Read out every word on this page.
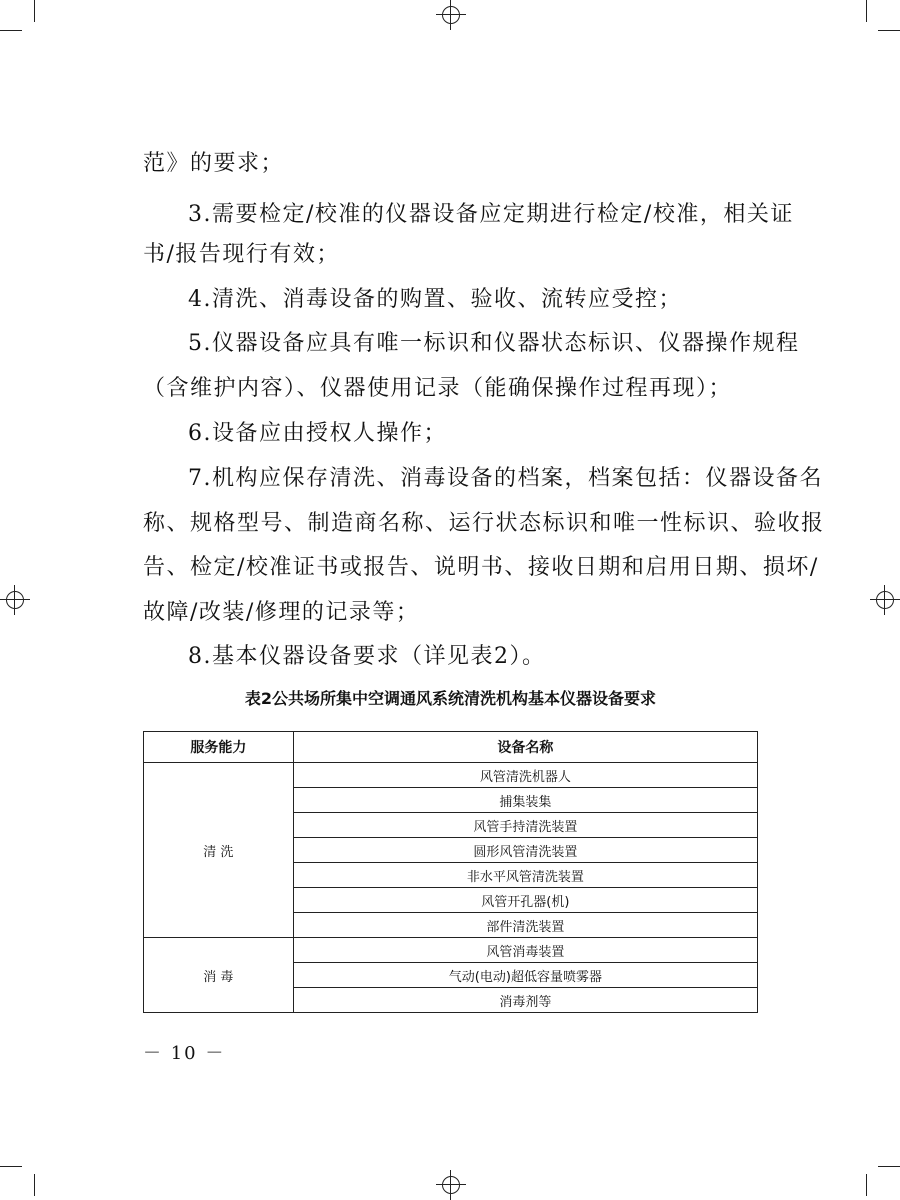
范》的要求；
3.需要检定/校准的仪器设备应定期进行检定/校准，相关证
书/报告现行有效；
4.清洗、消毒设备的购置、验收、流转应受控；
5.仪器设备应具有唯一标识和仪器状态标识、仪器操作规程
（含维护内容）、仪器使用记录（能确保操作过程再现）；
6.设备应由授权人操作；
7.机构应保存清洗、消毒设备的档案，档案包括：仪器设备名
称、规格型号、制造商名称、运行状态标识和唯一性标识、验收报
告、检定/校准证书或报告、说明书、接收日期和启用日期、损坏/
故障/改装/修理的记录等；
8.基本仪器设备要求（详见表2）。
表2公共场所集中空调通风系统清洗机构基本仪器设备要求
服务能力	设备名称
清 洗	风管清洗机器人
	捕集装集
	风管手持清洗装置
	圆形风管清洗装置
	非水平风管清洗装置
	风管开孔器(机)
	部件清洗装置
消 毒	风管消毒装置
	气动(电动)超低容量喷雾器
	消毒剂等
－ 10 －
